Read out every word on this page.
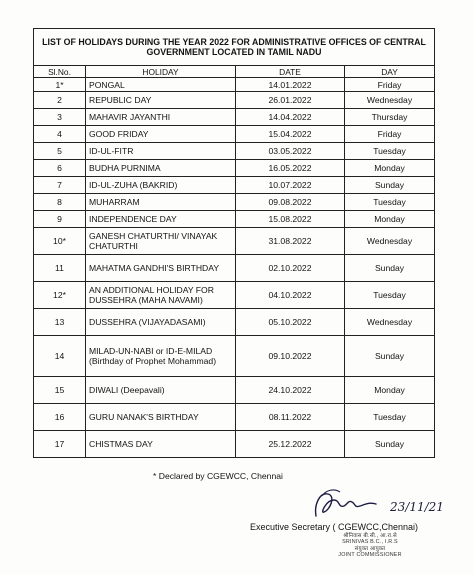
LIST OF HOLIDAYS DURING THE YEAR 2022 FOR ADMINISTRATIVE OFFICES OF CENTRAL GOVERNMENT LOCATED IN TAMIL NADU			
Sl.No.	HOLIDAY	DATE	DAY
1*	PONGAL	14.01.2022	Friday
2	REPUBLIC DAY	26.01.2022	Wednesday
3	MAHAVIR JAYANTHI	14.04.2022	Thursday
4	GOOD FRIDAY	15.04.2022	Friday
5	ID-UL-FITR	03.05.2022	Tuesday
6	BUDHA PURNIMA	16.05.2022	Monday
7	ID-UL-ZUHA (BAKRID)	10.07.2022	Sunday
8	MUHARRAM	09.08.2022	Tuesday
9	INDEPENDENCE DAY	15.08.2022	Monday
10*	GANESH CHATURTHI/ VINAYAK CHATURTHI	31.08.2022	Wednesday
11	MAHATMA GANDHI'S BIRTHDAY	02.10.2022	Sunday
12*	AN ADDITIONAL HOLIDAY FOR DUSSEHRA (MAHA NAVAMI)	04.10.2022	Tuesday
13	DUSSEHRA (VIJAYADASAMI)	05.10.2022	Wednesday
14	MILAD-UN-NABI or ID-E-MILAD (Birthday of Prophet Mohammad)	09.10.2022	Sunday
15	DIWALI (Deepavali)	24.10.2022	Monday
16	GURU NANAK'S BIRTHDAY	08.11.2022	Tuesday
17	CHISTMAS DAY	25.12.2022	Sunday
* Declared by CGEWCC, Chennai
23/11/21
Executive Secretary ( CGEWCC,Chennai)
श्रीनिवास बी.सी., आ.रा.से
SRINIVAS B.C., I.R.S
संयुक्त आयुक्त
JOINT COMMISSIONER
